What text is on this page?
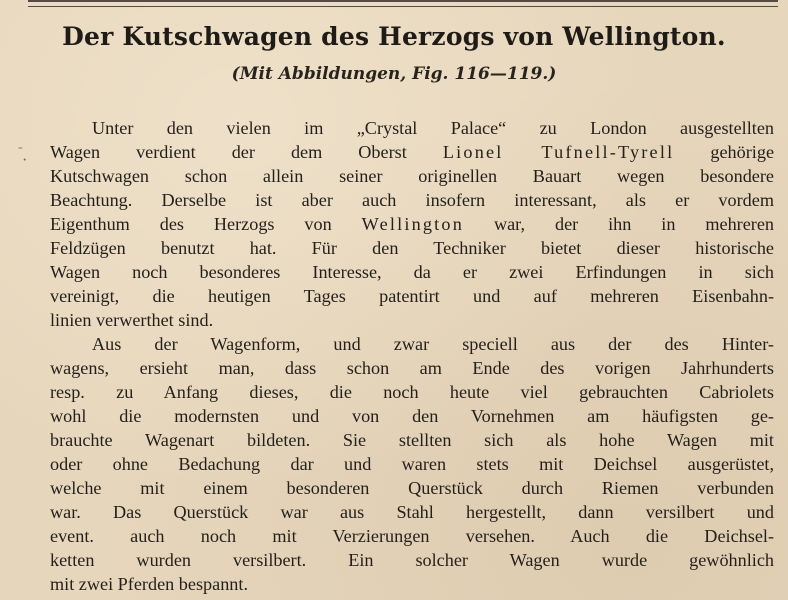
-
·
Der Kutschwagen des Herzogs von Wellington.
(Mit Abbildungen, Fig. 116—119.)
Unter den vielen im „Crystal Palace“ zu London ausgestellten
Wagen verdient der dem Oberst Lionel Tufnell-Tyrell gehörige
Kutschwagen schon allein seiner originellen Bauart wegen besondere
Beachtung. Derselbe ist aber auch insofern interessant, als er vordem
Eigenthum des Herzogs von Wellington war, der ihn in mehreren
Feldzügen benutzt hat. Für den Techniker bietet dieser historische
Wagen noch besonderes Interesse, da er zwei Erfindungen in sich
vereinigt, die heutigen Tages patentirt und auf mehreren Eisenbahn-
linien verwerthet sind.
Aus der Wagenform, und zwar speciell aus der des Hinter-
wagens, ersieht man, dass schon am Ende des vorigen Jahrhunderts
resp. zu Anfang dieses, die noch heute viel gebrauchten Cabriolets
wohl die modernsten und von den Vornehmen am häufigsten ge-
brauchte Wagenart bildeten. Sie stellten sich als hohe Wagen mit
oder ohne Bedachung dar und waren stets mit Deichsel ausgerüstet,
welche mit einem besonderen Querstück durch Riemen verbunden
war. Das Querstück war aus Stahl hergestellt, dann versilbert und
event. auch noch mit Verzierungen versehen. Auch die Deichsel-
ketten wurden versilbert. Ein solcher Wagen wurde gewöhnlich
mit zwei Pferden bespannt.
